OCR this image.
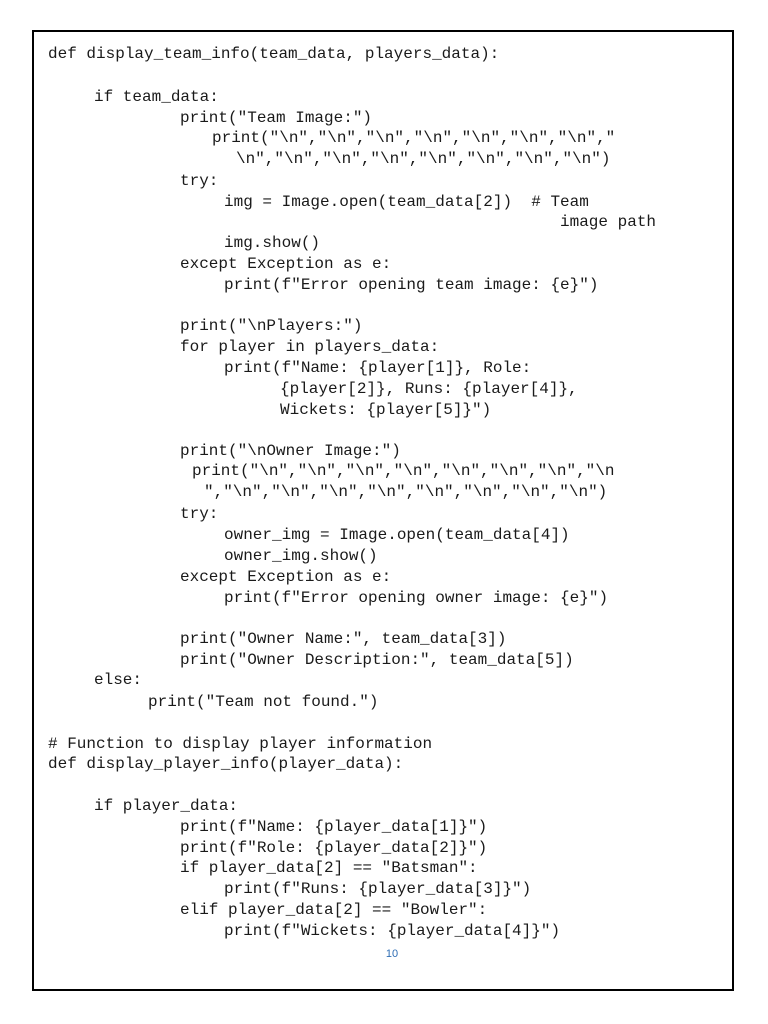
def display_team_info(team_data, players_data):
if team_data:
print("Team Image:")
print("\n","\n","\n","\n","\n","\n","\n","
\n","\n","\n","\n","\n","\n","\n","\n")
try:
img = Image.open(team_data[2])  # Team
image path
img.show()
except Exception as e:
print(f"Error opening team image: {e}")
print("\nPlayers:")
for player in players_data:
print(f"Name: {player[1]}, Role:
{player[2]}, Runs: {player[4]},
Wickets: {player[5]}")
print("\nOwner Image:")
print("\n","\n","\n","\n","\n","\n","\n","\n
","\n","\n","\n","\n","\n","\n","\n","\n")
try:
owner_img = Image.open(team_data[4])
owner_img.show()
except Exception as e:
print(f"Error opening owner image: {e}")
print("Owner Name:", team_data[3])
print("Owner Description:", team_data[5])
else:
print("Team not found.")
# Function to display player information
def display_player_info(player_data):
if player_data:
print(f"Name: {player_data[1]}")
print(f"Role: {player_data[2]}")
if player_data[2] == "Batsman":
print(f"Runs: {player_data[3]}")
elif player_data[2] == "Bowler":
print(f"Wickets: {player_data[4]}")
10
